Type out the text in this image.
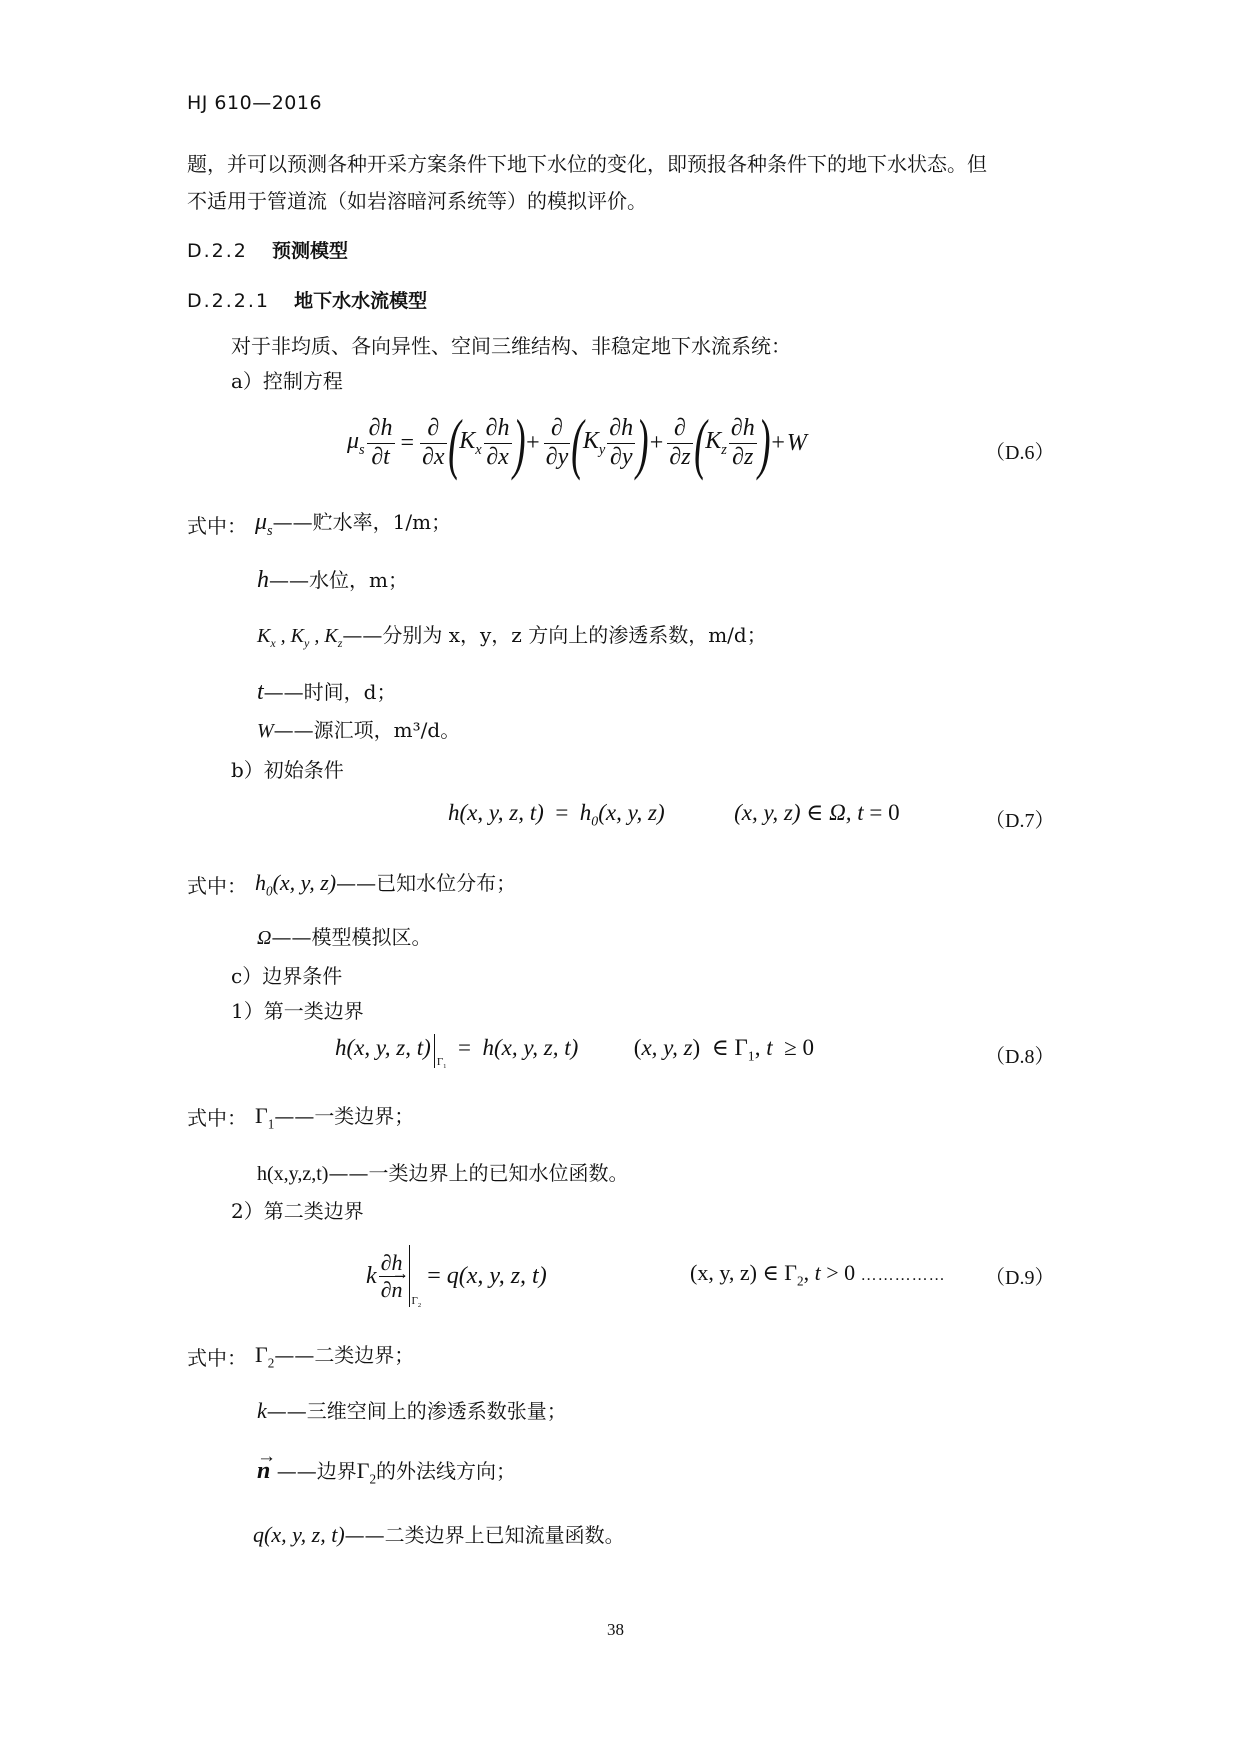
HJ 610—2016
题，并可以预测各种开采方案条件下地下水位的变化，即预报各种条件下的地下水状态。但
不适用于管道流（如岩溶暗河系统等）的模拟评价。
D.2.2 预测模型
D.2.2.1 地下水水流模型
对于非均质、各向异性、空间三维结构、非稳定地下水流系统：
a）控制方程
$\mu_s \frac{\partial h}{\partial t} = \frac{\partial}{\partial x}$ ( $K_x \frac{\partial h}{\partial x}$ ) + $\frac{\partial}{\partial y}$ ( $K_y \frac{\partial h}{\partial y}$ ) + $\frac{\partial}{\partial z}$ ( $K_z \frac{\partial h}{\partial z}$ ) + W	（D.6）
式中： $\mu_s——$贮水率，1/m；
h——水位，m；
$K_x$ , $K_y$ , $K_z——$分别为 x，y，z 方向上的渗透系数，m/d；
t——时间，d；
W——源汇项，m³/d。
b）初始条件
h(x, y, z, $t) = h_0(x$, y, z)	(x, y, z) ∈ Ω, t = 0	（D.7）
式中： $h_0(x$, y, z)——已知水位分布；
Ω——模型模拟区。
c）边界条件
1）第一类边界
h(x, y, z, $t)\Gamma_1 = h(x$, y, z, t)  (x, y, z)  ∈ $\Gamma_1$, t  ≥ 0	（D.8）
式中： $\Gamma_1——$一类边界；
h(x,y,z,t)——一类边界上的已知水位函数。
2）第二类边界
k $\frac{\partial h}{\partial\to n} \Gamma_2$
= q(x, y, z, t)	(x, y, z) ∈ $\Gamma_2$, t > 0 …………… （D.9）
式中： $\Gamma_2——$二类边界；
k——三维空间上的渗透系数张量；
→ n ——边界$\Gamma_2$的外法线方向；
q(x, y, z, t)——二类边界上已知流量函数。
38
